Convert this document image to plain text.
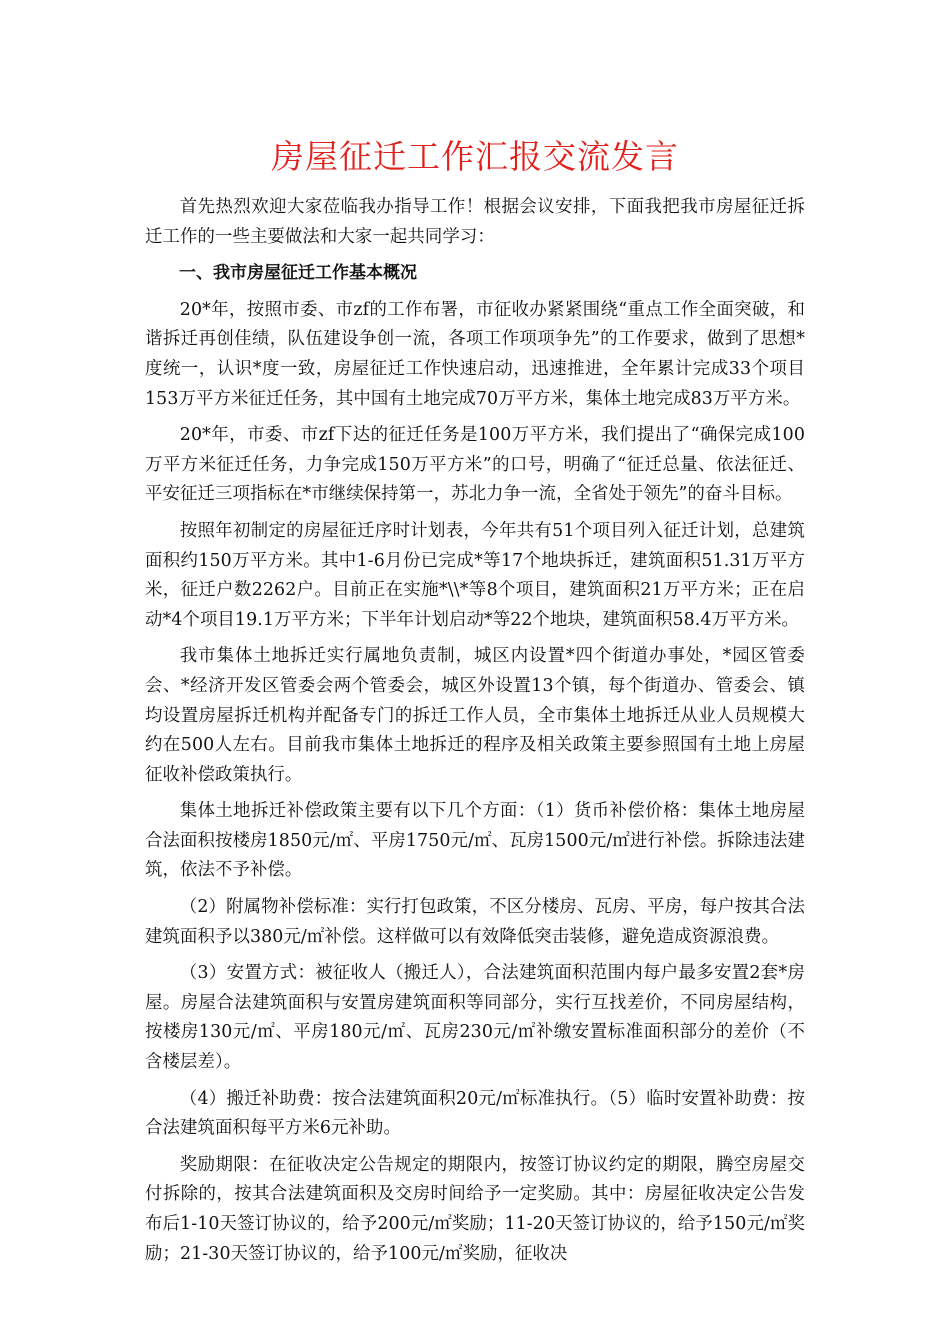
房屋征迁工作汇报交流发言

首先热烈欢迎大家莅临我办指导工作！根据会议安排，下面我把我市房屋征迁拆迁工作的一些主要做法和大家一起共同学习：

一、我市房屋征迁工作基本概况

20*年，按照市委、市zf的工作布署，市征收办紧紧围绕“重点工作全面突破，和谐拆迁再创佳绩，队伍建设争创一流，各项工作项项争先”的工作要求，做到了思想*度统一，认识*度一致，房屋征迁工作快速启动，迅速推进，全年累计完成33个项目153万平方米征迁任务，其中国有土地完成70万平方米，集体土地完成83万平方米。

20*年，市委、市zf下达的征迁任务是100万平方米，我们提出了“确保完成100万平方米征迁任务，力争完成150万平方米”的口号，明确了“征迁总量、依法征迁、平安征迁三项指标在*市继续保持第一，苏北力争一流，全省处于领先”的奋斗目标。

按照年初制定的房屋征迁序时计划表，今年共有51个项目列入征迁计划，总建筑面积约150万平方米。其中1-6月份已完成*等17个地块拆迁，建筑面积51.31万平方米，征迁户数2262户。目前正在实施*\\*等8个项目，建筑面积21万平方米；正在启动*4个项目19.1万平方米；下半年计划启动*等22个地块，建筑面积58.4万平方米。

我市集体土地拆迁实行属地负责制，城区内设置*四个街道办事处，*园区管委会、*经济开发区管委会两个管委会，城区外设置13个镇，每个街道办、管委会、镇均设置房屋拆迁机构并配备专门的拆迁工作人员，全市集体土地拆迁从业人员规模大约在500人左右。目前我市集体土地拆迁的程序及相关政策主要参照国有土地上房屋征收补偿政策执行。

集体土地拆迁补偿政策主要有以下几个方面：（1）货币补偿价格：集体土地房屋合法面积按楼房1850元/㎡、平房1750元/㎡、瓦房1500元/㎡进行补偿。拆除违法建筑，依法不予补偿。

（2）附属物补偿标准：实行打包政策，不区分楼房、瓦房、平房，每户按其合法建筑面积予以380元/㎡补偿。这样做可以有效降低突击装修，避免造成资源浪费。

（3）安置方式：被征收人（搬迁人），合法建筑面积范围内每户最多安置2套*房屋。房屋合法建筑面积与安置房建筑面积等同部分，实行互找差价，不同房屋结构，按楼房130元/㎡、平房180元/㎡、瓦房230元/㎡补缴安置标准面积部分的差价（不含楼层差）。

（4）搬迁补助费：按合法建筑面积20元/㎡标准执行。（5）临时安置补助费：按合法建筑面积每平方米6元补助。

奖励期限：在征收决定公告规定的期限内，按签订协议约定的期限，腾空房屋交付拆除的，按其合法建筑面积及交房时间给予一定奖励。其中：房屋征收决定公告发布后1-10天签订协议的，给予200元/㎡奖励；11-20天签订协议的，给予150元/㎡奖励；21-30天签订协议的，给予100元/㎡奖励，征收决
